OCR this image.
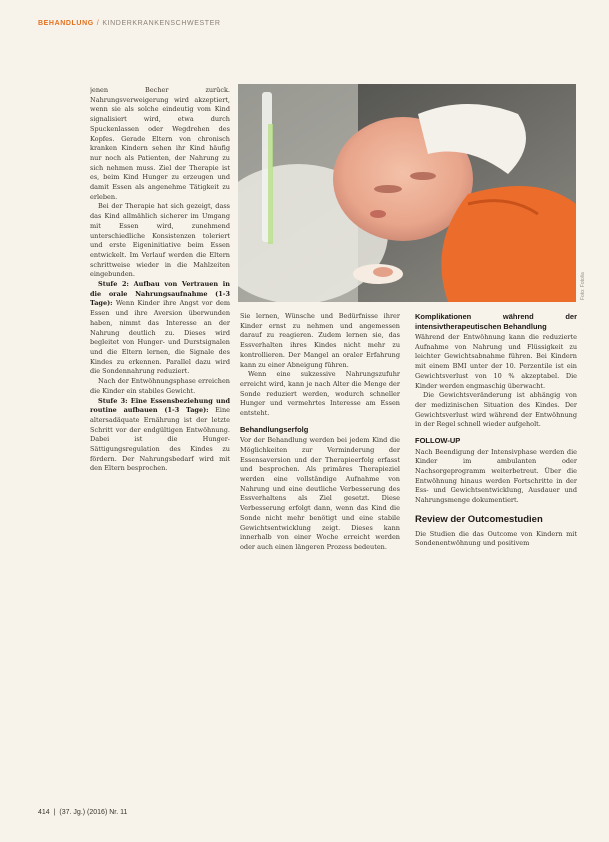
BEHANDLUNG / KINDERKRANKENSCHWESTER
Foto: Fotolia

jenen Becher zurück. Nahrungsverweigerung wird akzeptiert, wenn sie als solche eindeutig vom Kind signalisiert wird, etwa durch Spuckenlassen oder Wegdrehen des Kopfes. Gerade Eltern von chronisch kranken Kindern sehen ihr Kind häufig nur noch als Patienten, der Nahrung zu sich nehmen muss. Ziel der Therapie ist es, beim Kind Hunger zu erzeugen und damit Essen als angenehme Tätigkeit zu erleben.

Bei der Therapie hat sich gezeigt, dass das Kind allmählich sicherer im Umgang mit Essen wird, zunehmend unterschiedliche Konsistenzen toleriert und erste Eigeninitiative beim Essen entwickelt. Im Verlauf werden die Eltern schrittweise wieder in die Mahlzeiten eingebunden.

Stufe 2: Aufbau von Vertrauen in die orale Nahrungsaufnahme (1-3 Tage): Wenn Kinder ihre Angst vor dem Essen und ihre Aversion überwunden haben, nimmt das Interesse an der Nahrung deutlich zu. Dieses wird begleitet von Hunger- und Durstsignalen und die Eltern lernen, die Signale des Kindes zu erkennen. Parallel dazu wird die Sondennahrung reduziert.

Nach der Entwöhnungsphase erreichen die Kinder ein stabiles Gewicht.

Stufe 3: Eine Essensbeziehung und routine aufbauen (1-3 Tage): Eine altersadäquate Ernährung ist der letzte Schritt vor der endgültigen Entwöhnung. Dabei ist die Hunger-Sättigungsregulation des Kindes zu fördern. Der Nahrungsbedarf wird mit den Eltern besprochen.

Sie lernen, Wünsche und Bedürfnisse ihrer Kinder ernst zu nehmen und angemessen darauf zu reagieren. Zudem lernen sie, das Essverhalten ihres Kindes nicht mehr zu kontrollieren. Der Mangel an oraler Erfahrung kann zu einer Abneigung führen.

Wenn eine sukzessive Nahrungszufuhr erreicht wird, kann je nach Alter die Menge der Sonde reduziert werden, wodurch schneller Hunger und vermehrtes Interesse am Essen entsteht.

Behandlungserfolg

Vor der Behandlung werden bei jedem Kind die Möglichkeiten zur Verminderung der Essensaversion und der Therapieerfolg erfasst und besprochen. Als primäres Therapieziel werden eine vollständige Aufnahme von Nahrung und eine deutliche Verbesserung des Essverhaltens als Ziel gesetzt. Diese Verbesserung erfolgt dann, wenn das Kind die Sonde nicht mehr benötigt und eine stabile Gewichtsentwicklung zeigt. Dieses kann innerhalb von einer Woche erreicht werden oder auch einen längeren Prozess bedeuten.

Komplikationen während der intensivtherapeutischen Behandlung

Während der Entwöhnung kann die reduzierte Aufnahme von Nahrung und Flüssigkeit zu leichter Gewichtsabnahme führen. Bei Kindern mit einem BMI unter der 10. Perzentile ist ein Gewichtsverlust von 10 % akzeptabel. Die Kinder werden engmaschig überwacht.

Die Gewichtsveränderung ist abhängig von der medizinischen Situation des Kindes. Der Gewichtsverlust wird während der Entwöhnung in der Regel schnell wieder aufgeholt.

FOLLOW-UP

Nach Beendigung der Intensivphase werden die Kinder im ambulanten oder Nachsorgeprogramm weiterbetreut. Über die Entwöhnung hinaus werden Fortschritte in der Ess- und Gewichtsentwicklung, Ausdauer und Nahrungsmenge dokumentiert.

Review der Outcomestudien

Die Studien die das Outcome von Kindern mit Sondenentwöhnung und positivem

414 | (37. Jg.) (2016) Nr. 11
